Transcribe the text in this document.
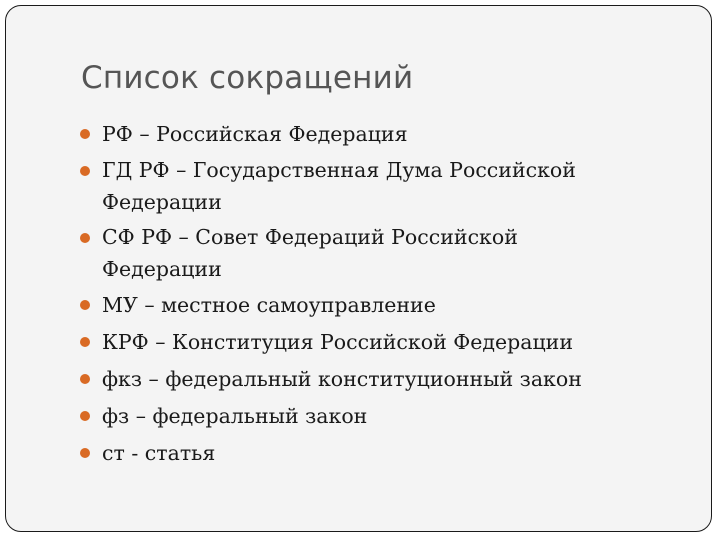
Список сокращений
РФ – Российская Федерация
ГД РФ – Государственная Дума Российской Федерации
СФ РФ – Совет Федераций Российской Федерации
МУ – местное самоуправление
КРФ – Конституция Российской Федерации
фкз – федеральный конституционный закон
фз – федеральный закон
ст - статья
